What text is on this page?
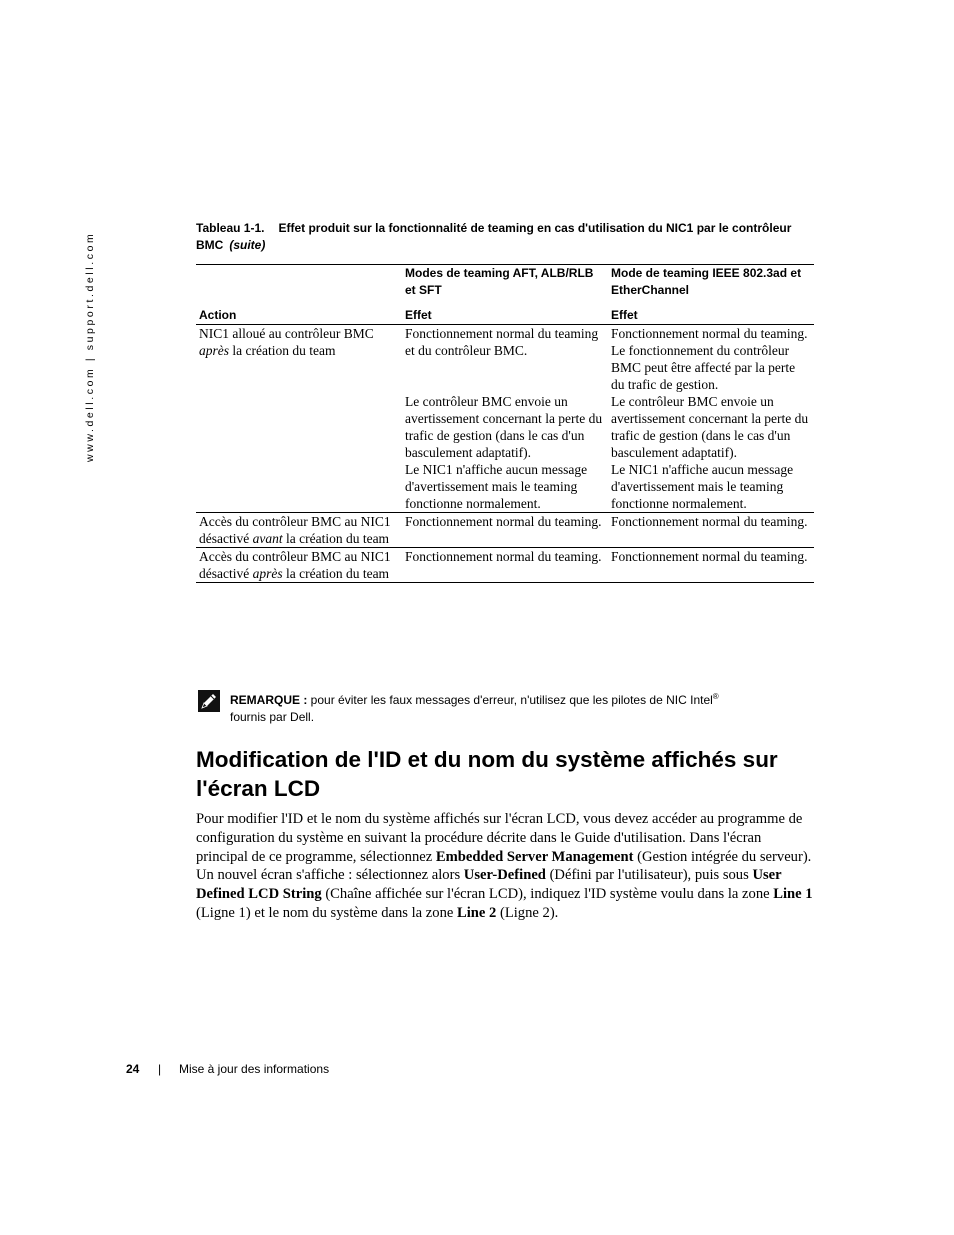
www.dell.com | support.dell.com
Tableau 1-1. Effet produit sur la fonctionnalité de teaming en cas d'utilisation du NIC1 par le contrôleur BMC (suite)
	Modes de teaming AFT, ALB/RLB et SFT	Mode de teaming IEEE 802.3ad et EtherChannel
Action	Effet	Effet
NIC1 alloué au contrôleur BMC après la création du team	Fonctionnement normal du teaming et du contrôleur BMC.	Fonctionnement normal du teaming. Le fonctionnement du contrôleur BMC peut être affecté par la perte du trafic de gestion.
	Le contrôleur BMC envoie un avertissement concernant la perte du trafic de gestion (dans le cas d'un basculement adaptatif).	Le contrôleur BMC envoie un avertissement concernant la perte du trafic de gestion (dans le cas d'un basculement adaptatif).
	Le NIC1 n'affiche aucun message d'avertissement mais le teaming fonctionne normalement.	Le NIC1 n'affiche aucun message d'avertissement mais le teaming fonctionne normalement.
Accès du contrôleur BMC au NIC1 désactivé avant la création du team	Fonctionnement normal du teaming.	Fonctionnement normal du teaming.
Accès du contrôleur BMC au NIC1 désactivé après la création du team	Fonctionnement normal du teaming.	Fonctionnement normal du teaming.
REMARQUE : pour éviter les faux messages d'erreur, n'utilisez que les pilotes de NIC Intel®
fournis par Dell.
Modification de l'ID et du nom du système affichés sur l'écran LCD

Pour modifier l'ID et le nom du système affichés sur l'écran LCD, vous devez accéder au programme de configuration du système en suivant la procédure décrite dans le Guide d'utilisation. Dans l'écran principal de ce programme, sélectionnez Embedded Server Management (Gestion intégrée du serveur). Un nouvel écran s'affiche : sélectionnez alors User-Defined (Défini par l'utilisateur), puis sous User Defined LCD String (Chaîne affichée sur l'écran LCD), indiquez l'ID système voulu dans la zone Line 1 (Ligne 1) et le nom du système dans la zone Line 2 (Ligne 2).

24 | Mise à jour des informations
